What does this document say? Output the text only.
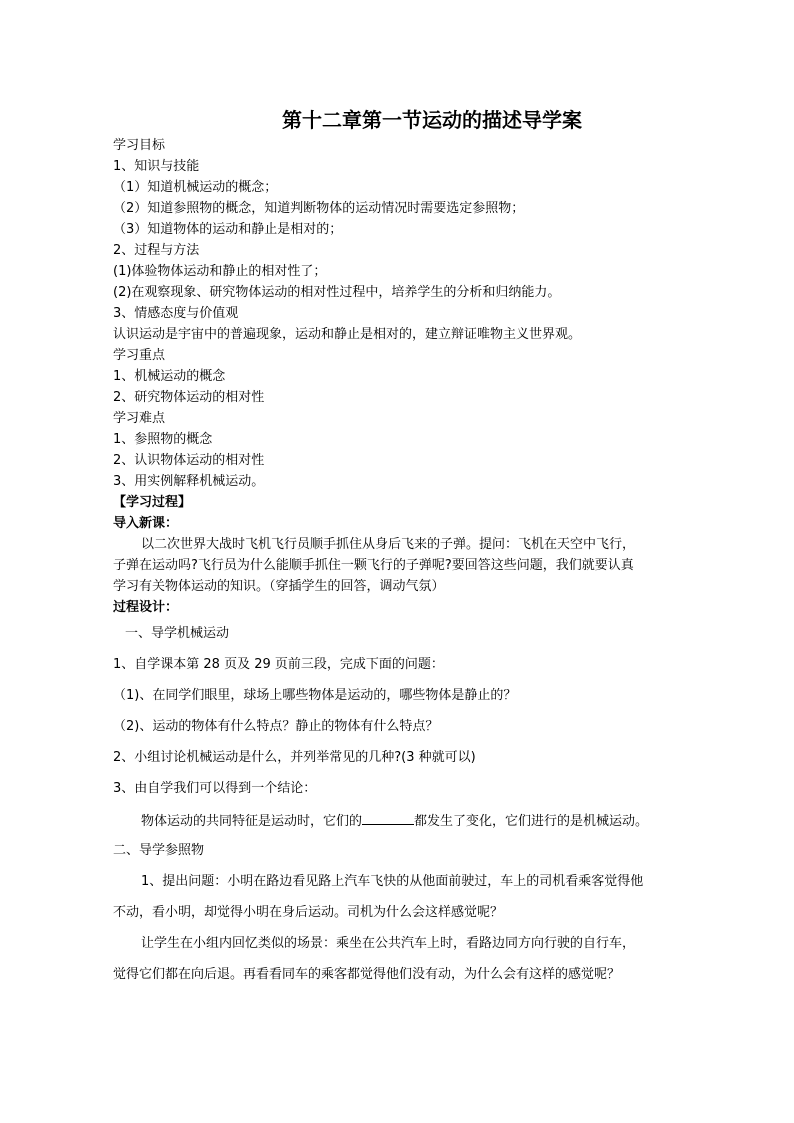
第十二章第一节运动的描述导学案
学习目标
1、知识与技能
（1）知道机械运动的概念；
（2）知道参照物的概念，知道判断物体的运动情况时需要选定参照物；
（3）知道物体的运动和静止是相对的；
2、过程与方法
(1)体验物体运动和静止的相对性了；
(2)在观察现象、研究物体运动的相对性过程中，培养学生的分析和归纳能力。
3、情感态度与价值观
认识运动是宇宙中的普遍现象，运动和静止是相对的，建立辩证唯物主义世界观。
学习重点
1、机械运动的概念
2、研究物体运动的相对性
学习难点
1、参照物的概念
2、认识物体运动的相对性
3、用实例解释机械运动。
【学习过程】
导入新课：
以二次世界大战时飞机飞行员顺手抓住从身后飞来的子弹。提问：飞机在天空中飞行，
子弹在运动吗?飞行员为什么能顺手抓住一颗飞行的子弹呢?要回答这些问题，我们就要认真
学习有关物体运动的知识。（穿插学生的回答，调动气氛）
过程设计：
一、导学机械运动
1、自学课本第 28 页及 29 页前三段，完成下面的问题：
（1)、在同学们眼里，球场上哪些物体是运动的，哪些物体是静止的？
（2)、运动的物体有什么特点？静止的物体有什么特点？
2、小组讨论机械运动是什么，并列举常见的几种?(3 种就可以)
3、由自学我们可以得到一个结论：
物体运动的共同特征是运动时，它们的	都发生了变化，它们进行的是机械运动。
二、导学参照物
1、提出问题：小明在路边看见路上汽车飞快的从他面前驶过，车上的司机看乘客觉得他
不动，看小明，却觉得小明在身后运动。司机为什么会这样感觉呢？
让学生在小组内回忆类似的场景：乘坐在公共汽车上时，看路边同方向行驶的自行车，
觉得它们都在向后退。再看看同车的乘客都觉得他们没有动，为什么会有这样的感觉呢？
